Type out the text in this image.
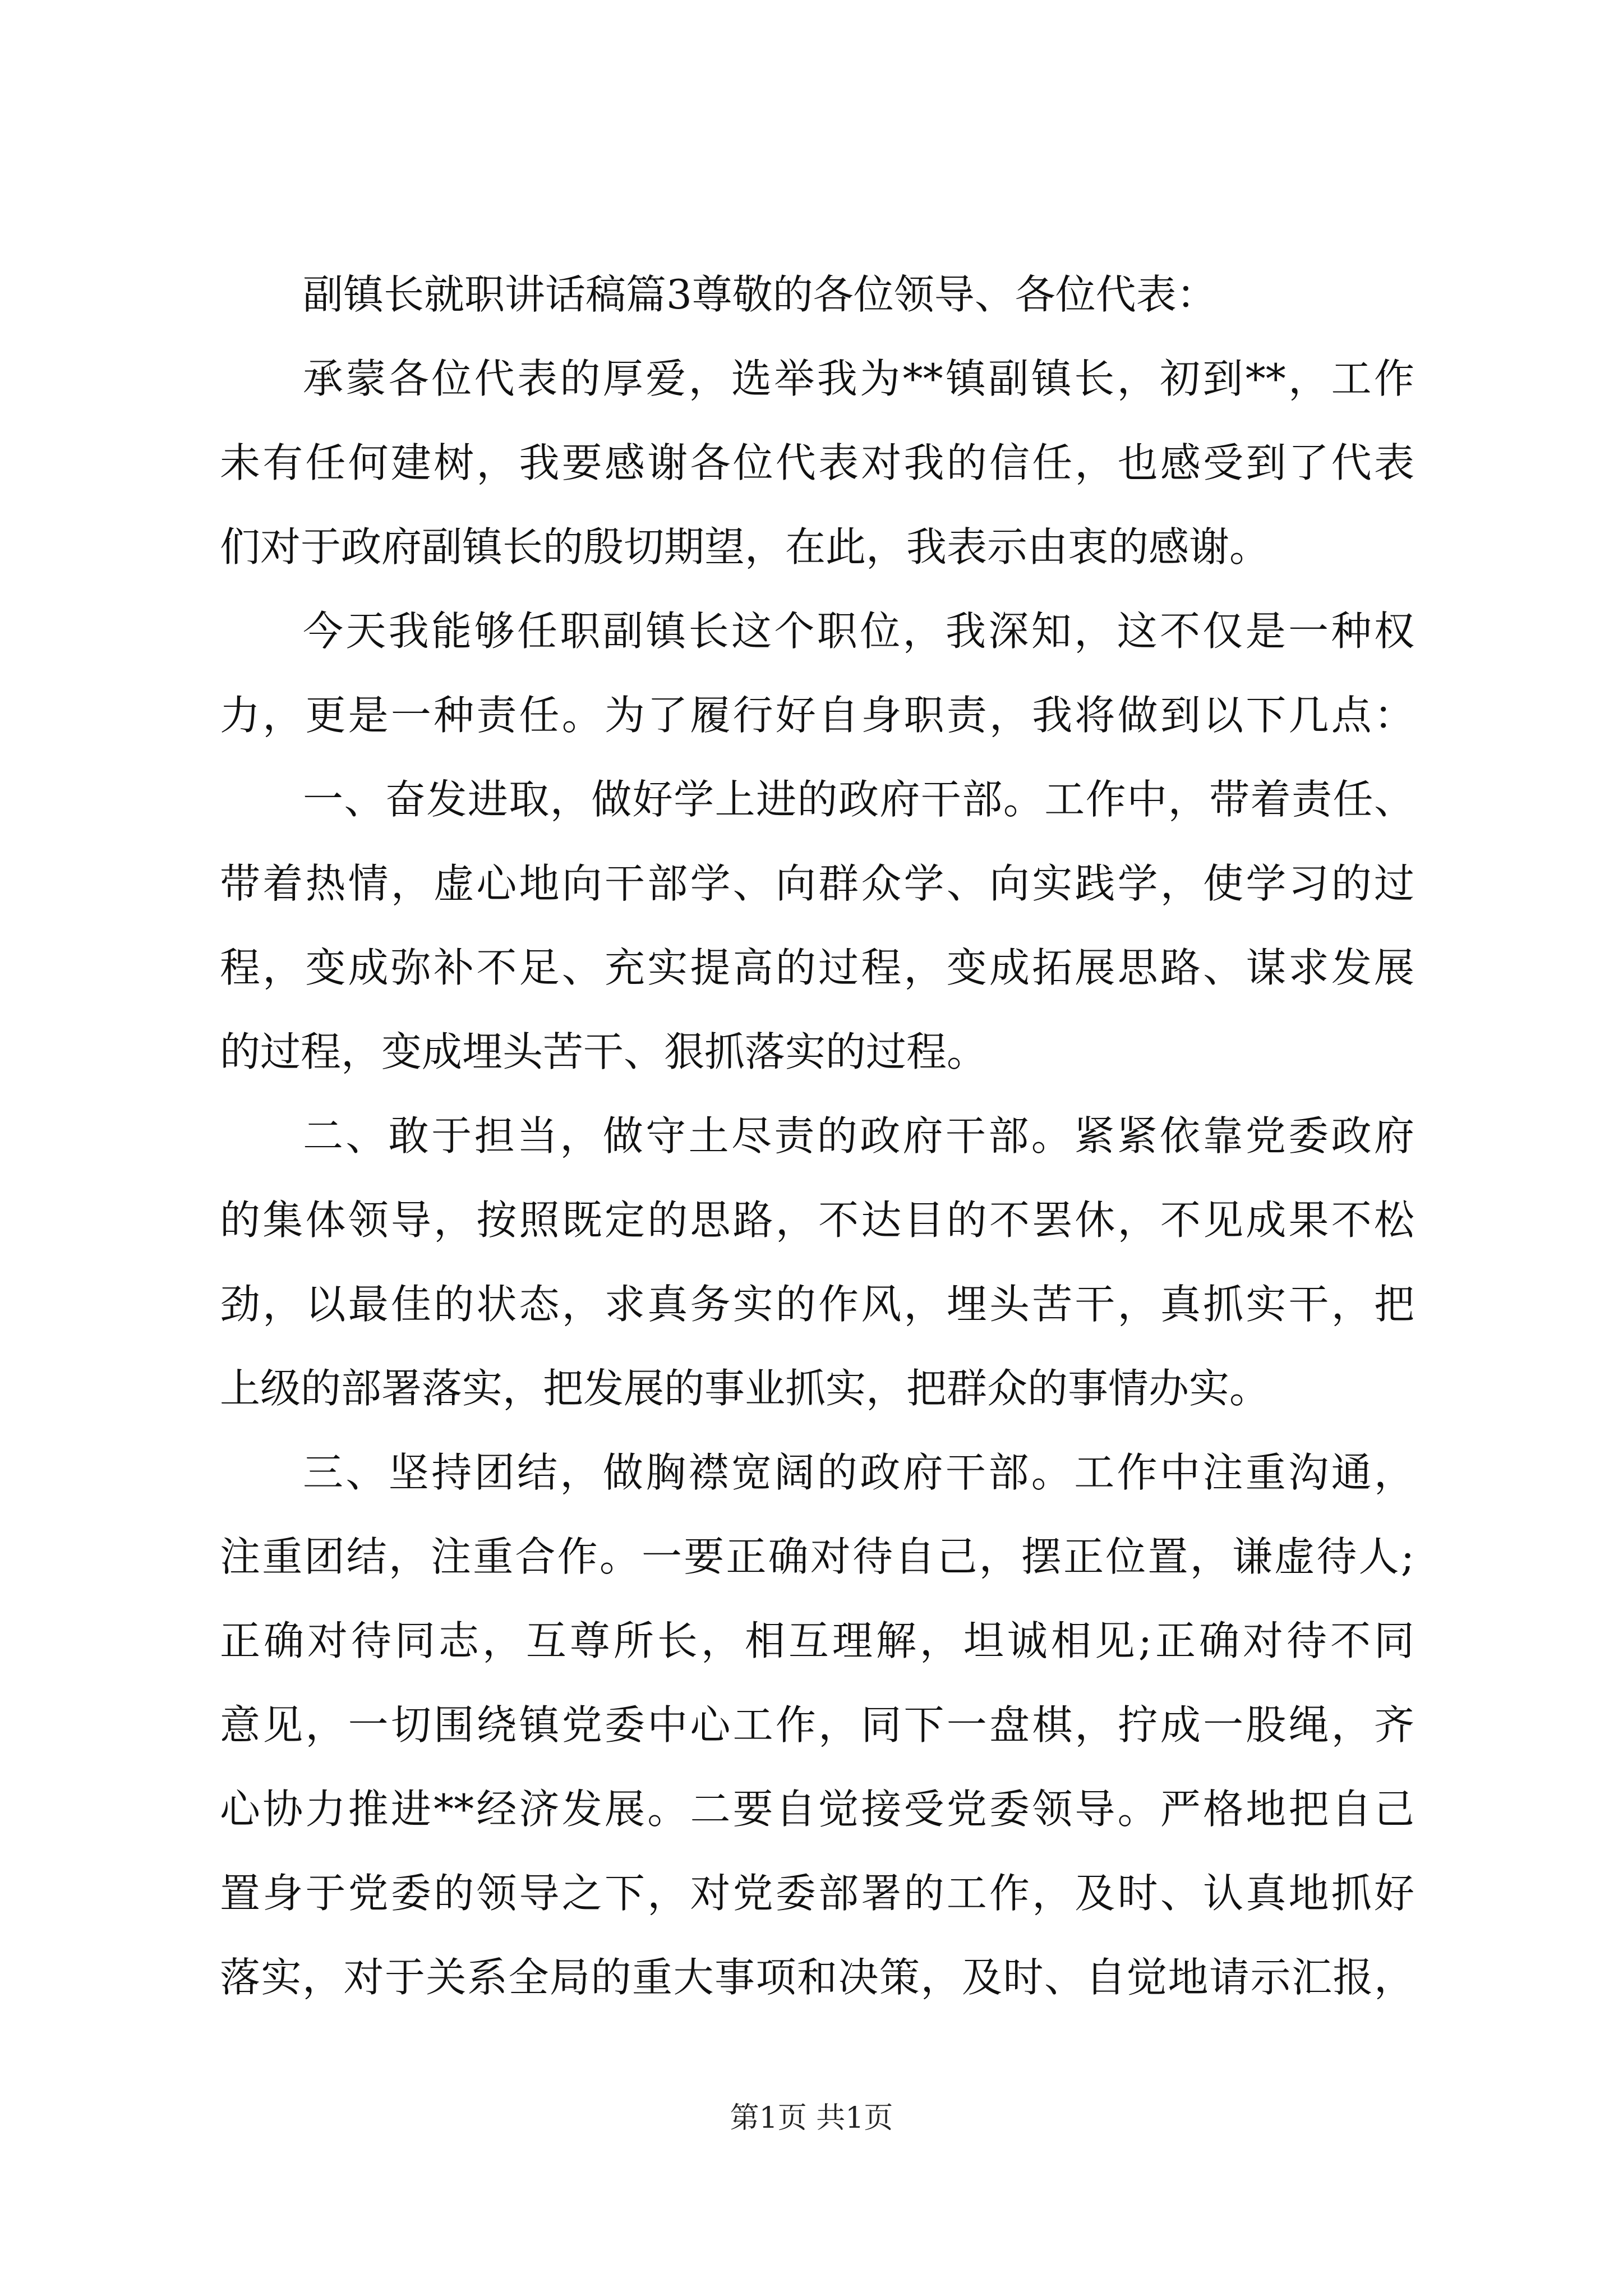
副镇长就职讲话稿篇3尊敬的各位领导、各位代表：
承蒙各位代表的厚爱，选举我为**镇副镇长，初到**，工作
未有任何建树，我要感谢各位代表对我的信任，也感受到了代表
们对于政府副镇长的殷切期望，在此，我表示由衷的感谢。
今天我能够任职副镇长这个职位，我深知，这不仅是一种权
力，更是一种责任。为了履行好自身职责，我将做到以下几点：
一、奋发进取，做好学上进的政府干部。工作中，带着责任、
带着热情，虚心地向干部学、向群众学、向实践学，使学习的过
程，变成弥补不足、充实提高的过程，变成拓展思路、谋求发展
的过程，变成埋头苦干、狠抓落实的过程。
二、敢于担当，做守土尽责的政府干部。紧紧依靠党委政府
的集体领导，按照既定的思路，不达目的不罢休，不见成果不松
劲，以最佳的状态，求真务实的作风，埋头苦干，真抓实干，把
上级的部署落实，把发展的事业抓实，把群众的事情办实。
三、坚持团结，做胸襟宽阔的政府干部。工作中注重沟通，
注重团结，注重合作。一要正确对待自己，摆正位置，谦虚待人;
正确对待同志，互尊所长，相互理解，坦诚相见;正确对待不同
意见，一切围绕镇党委中心工作，同下一盘棋，拧成一股绳，齐
心协力推进**经济发展。二要自觉接受党委领导。严格地把自己
置身于党委的领导之下，对党委部署的工作，及时、认真地抓好
落实，对于关系全局的重大事项和决策，及时、自觉地请示汇报，
第1页 共1页
